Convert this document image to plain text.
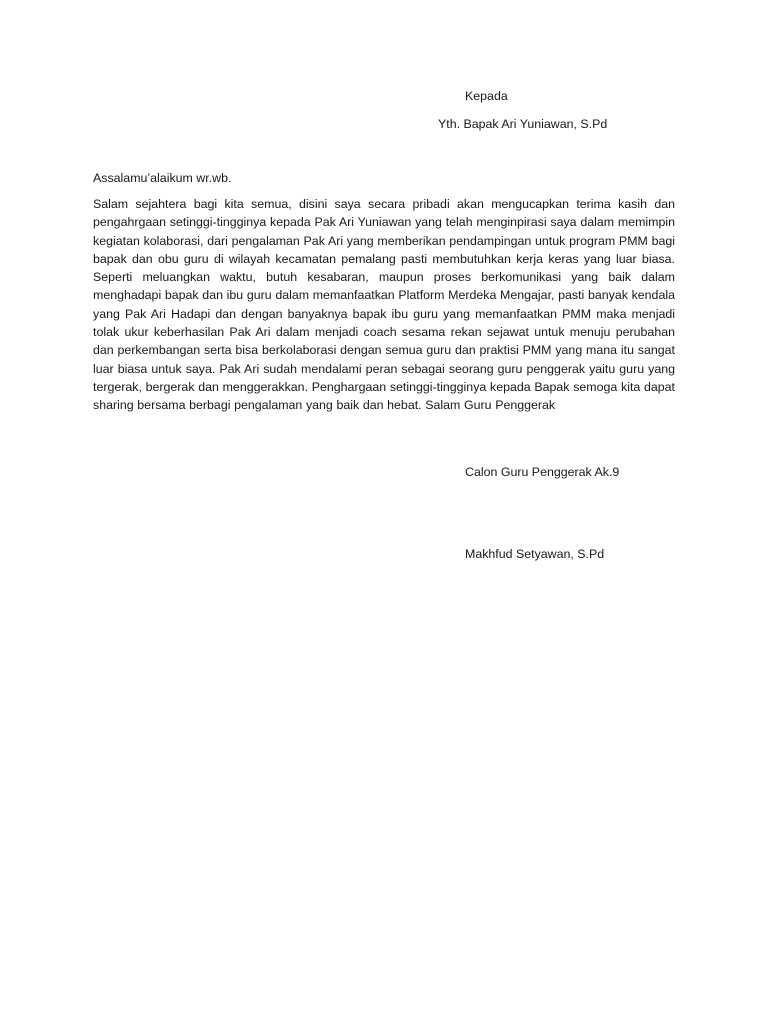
Kepada
Yth. Bapak Ari Yuniawan, S.Pd
Assalamu’alaikum wr.wb.
Salam sejahtera bagi kita semua, disini saya secara pribadi akan mengucapkan terima kasih dan pengahrgaan setinggi-tingginya kepada Pak Ari Yuniawan yang telah menginpirasi saya dalam memimpin kegiatan kolaborasi, dari pengalaman Pak Ari yang memberikan pendampingan untuk program PMM bagi bapak dan obu guru di wilayah kecamatan pemalang pasti membutuhkan kerja keras yang luar biasa. Seperti meluangkan waktu, butuh kesabaran, maupun proses berkomunikasi yang baik dalam menghadapi bapak dan ibu guru dalam memanfaatkan Platform Merdeka Mengajar, pasti banyak kendala yang Pak Ari Hadapi dan dengan banyaknya bapak ibu guru yang memanfaatkan PMM maka menjadi tolak ukur keberhasilan Pak Ari dalam menjadi coach sesama rekan sejawat untuk menuju perubahan dan perkembangan serta bisa berkolaborasi dengan semua guru dan praktisi PMM yang mana itu sangat luar biasa untuk saya. Pak Ari sudah mendalami peran sebagai seorang guru penggerak yaitu guru yang tergerak, bergerak dan menggerakkan. Penghargaan setinggi-tingginya kepada Bapak semoga kita dapat sharing bersama berbagi pengalaman yang baik dan hebat. Salam Guru Penggerak
Calon Guru Penggerak Ak.9
Makhfud Setyawan, S.Pd
